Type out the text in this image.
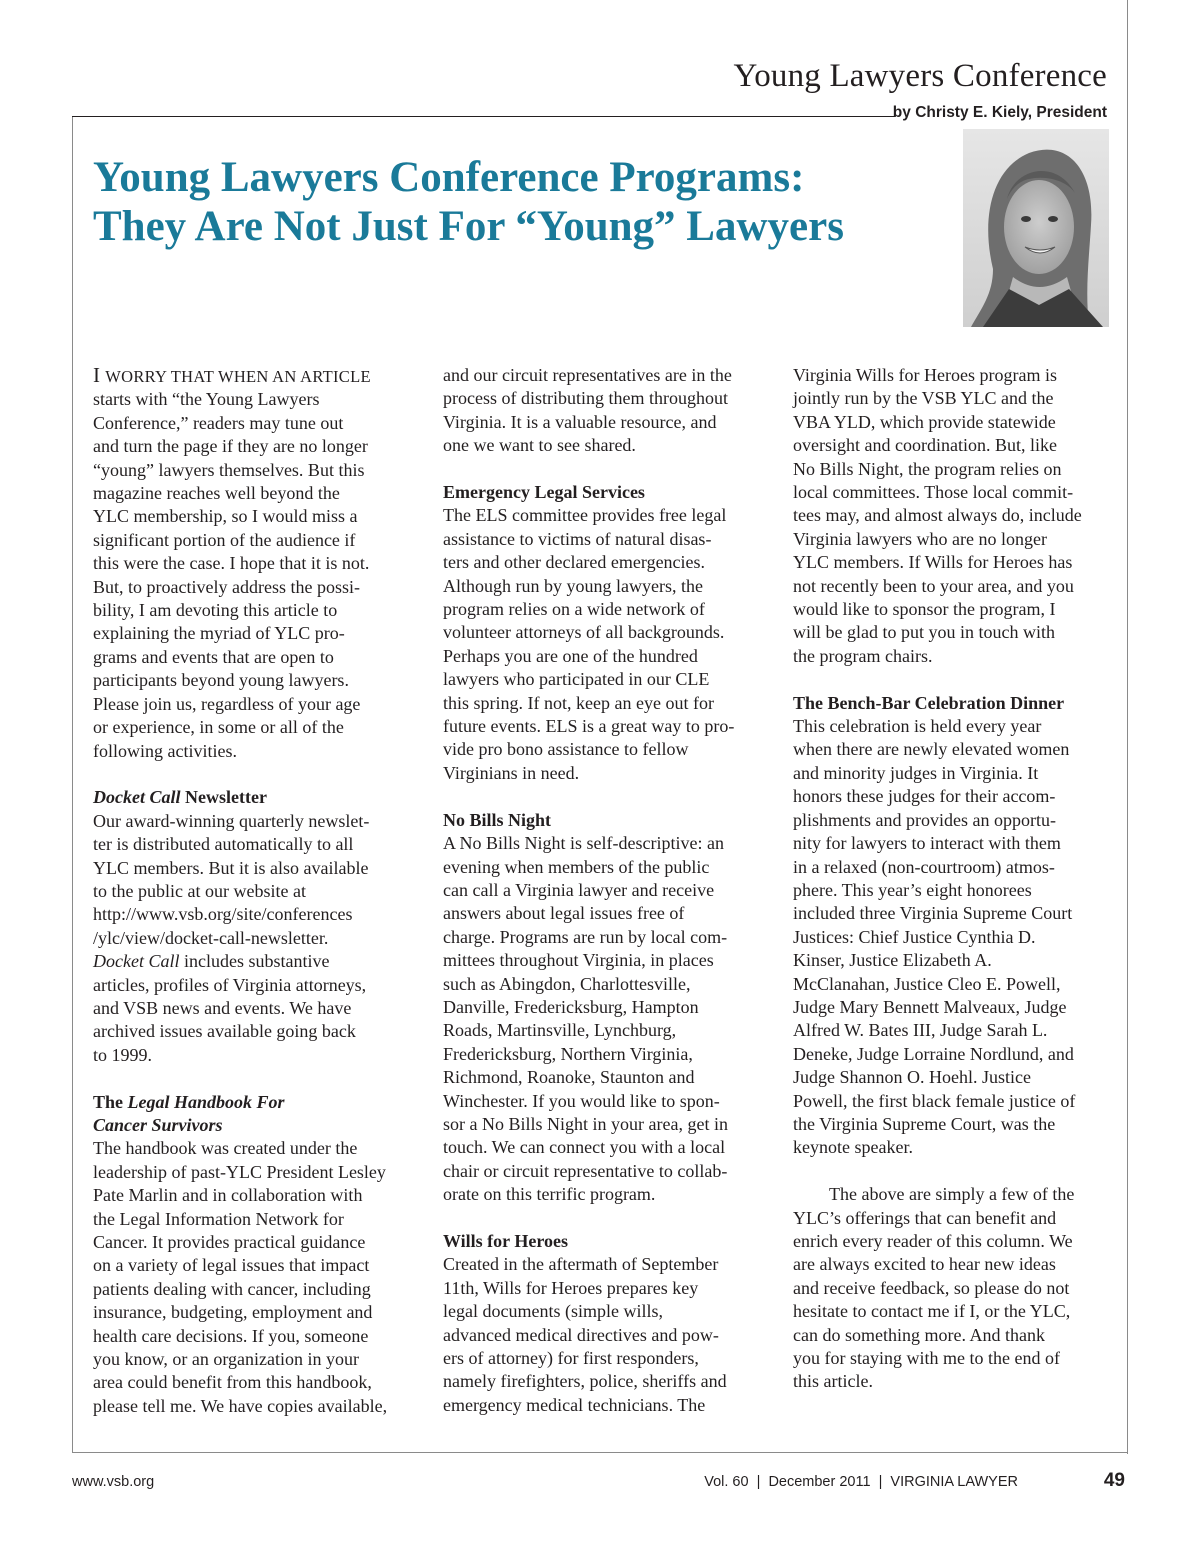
Young Lawyers Conference
by Christy E. Kiely, President
Young Lawyers Conference Programs:
They Are Not Just For “Young” Lawyers

I WORRY THAT WHEN AN ARTICLE
starts with “the Young Lawyers
Conference,” readers may tune out
and turn the page if they are no longer
“young” lawyers themselves. But this
magazine reaches well beyond the
YLC membership, so I would miss a
significant portion of the audience if
this were the case. I hope that it is not.
But, to proactively address the possi-
bility, I am devoting this article to
explaining the myriad of YLC pro-
grams and events that are open to
participants beyond young lawyers.
Please join us, regardless of your age
or experience, in some or all of the
following activities.

Docket Call Newsletter

Our award-winning quarterly newslet-
ter is distributed automatically to all
YLC members. But it is also available
to the public at our website at
http://www.vsb.org/site/conferences
/ylc/view/docket-call-newsletter.
Docket Call includes substantive
articles, profiles of Virginia attorneys,
and VSB news and events. We have
archived issues available going back
to 1999.

The Legal Handbook For
Cancer Survivors

The handbook was created under the
leadership of past-YLC President Lesley
Pate Marlin and in collaboration with
the Legal Information Network for
Cancer. It provides practical guidance
on a variety of legal issues that impact
patients dealing with cancer, including
insurance, budgeting, employment and
health care decisions. If you, someone
you know, or an organization in your
area could benefit from this handbook,
please tell me. We have copies available,

and our circuit representatives are in the
process of distributing them throughout
Virginia. It is a valuable resource, and
one we want to see shared.

Emergency Legal Services

The ELS committee provides free legal
assistance to victims of natural disas-
ters and other declared emergencies.
Although run by young lawyers, the
program relies on a wide network of
volunteer attorneys of all backgrounds.
Perhaps you are one of the hundred
lawyers who participated in our CLE
this spring. If not, keep an eye out for
future events. ELS is a great way to pro-
vide pro bono assistance to fellow
Virginians in need.

No Bills Night

A No Bills Night is self-descriptive: an
evening when members of the public
can call a Virginia lawyer and receive
answers about legal issues free of
charge. Programs are run by local com-
mittees throughout Virginia, in places
such as Abingdon, Charlottesville,
Danville, Fredericksburg, Hampton
Roads, Martinsville, Lynchburg,
Fredericksburg, Northern Virginia,
Richmond, Roanoke, Staunton and
Winchester. If you would like to spon-
sor a No Bills Night in your area, get in
touch. We can connect you with a local
chair or circuit representative to collab-
orate on this terrific program.

Wills for Heroes

Created in the aftermath of September
11th, Wills for Heroes prepares key
legal documents (simple wills,
advanced medical directives and pow-
ers of attorney) for first responders,
namely firefighters, police, sheriffs and
emergency medical technicians. The

Virginia Wills for Heroes program is
jointly run by the VSB YLC and the
VBA YLD, which provide statewide
oversight and coordination. But, like
No Bills Night, the program relies on
local committees. Those local commit-
tees may, and almost always do, include
Virginia lawyers who are no longer
YLC members. If Wills for Heroes has
not recently been to your area, and you
would like to sponsor the program, I
will be glad to put you in touch with
the program chairs.

The Bench-Bar Celebration Dinner

This celebration is held every year
when there are newly elevated women
and minority judges in Virginia. It
honors these judges for their accom-
plishments and provides an opportu-
nity for lawyers to interact with them
in a relaxed (non-courtroom) atmos-
phere. This year’s eight honorees
included three Virginia Supreme Court
Justices: Chief Justice Cynthia D.
Kinser, Justice Elizabeth A.
McClanahan, Justice Cleo E. Powell,
Judge Mary Bennett Malveaux, Judge
Alfred W. Bates III, Judge Sarah L.
Deneke, Judge Lorraine Nordlund, and
Judge Shannon O. Hoehl. Justice
Powell, the first black female justice of
the Virginia Supreme Court, was the
keynote speaker.

The above are simply a few of the
YLC’s offerings that can benefit and
enrich every reader of this column. We
are always excited to hear new ideas
and receive feedback, so please do not
hesitate to contact me if I, or the YLC,
can do something more. And thank
you for staying with me to the end of
this article.

www.vsb.org	Vol. 60  |  December 2011  |  VIRGINIA LAWYER	49
